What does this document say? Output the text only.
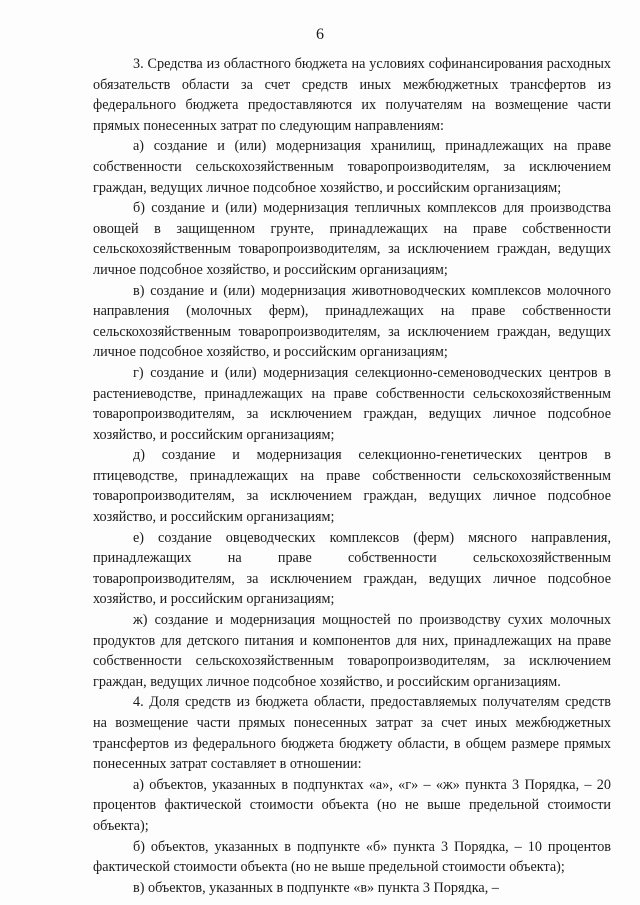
6

3. Средства из областного бюджета на условиях софинансирования расходных обязательств области за счет средств иных межбюджетных трансфертов из федерального бюджета предоставляются их получателям на возмещение части прямых понесенных затрат по следующим направлениям:

а) создание и (или) модернизация хранилищ, принадлежащих на праве собственности сельскохозяйственным товаропроизводителям, за исключением граждан, ведущих личное подсобное хозяйство, и российским организациям;

б) создание и (или) модернизация тепличных комплексов для производства овощей в защищенном грунте, принадлежащих на праве собственности сельскохозяйственным товаропроизводителям, за исключением граждан, ведущих личное подсобное хозяйство, и российским организациям;

в) создание и (или) модернизация животноводческих комплексов молочного направления (молочных ферм), принадлежащих на праве собственности сельскохозяйственным товаропроизводителям, за исключением граждан, ведущих личное подсобное хозяйство, и российским организациям;

г) создание и (или) модернизация селекционно-семеноводческих центров в растениеводстве, принадлежащих на праве собственности сельскохозяйственным товаропроизводителям, за исключением граждан, ведущих личное подсобное хозяйство, и российским организациям;

д) создание и модернизация селекционно-генетических центров в птицеводстве, принадлежащих на праве собственности сельскохозяйственным товаропроизводителям, за исключением граждан, ведущих личное подсобное хозяйство, и российским организациям;

е) создание овцеводческих комплексов (ферм) мясного направления, принадлежащих на праве собственности сельскохозяйственным товаропроизводителям, за исключением граждан, ведущих личное подсобное хозяйство, и российским организациям;

ж) создание и модернизация мощностей по производству сухих молочных продуктов для детского питания и компонентов для них, принадлежащих на праве собственности сельскохозяйственным товаропроизводителям, за исключением граждан, ведущих личное подсобное хозяйство, и российским организациям.

4. Доля средств из бюджета области, предоставляемых получателям средств на возмещение части прямых понесенных затрат за счет иных межбюджетных трансфертов из федерального бюджета бюджету области, в общем размере прямых понесенных затрат составляет в отношении:

а) объектов, указанных в подпунктах «а», «г» – «ж» пункта 3 Порядка, – 20 процентов фактической стоимости объекта (но не выше предельной стоимости объекта);

б) объектов, указанных в подпункте «б» пункта 3 Порядка, – 10 процентов фактической стоимости объекта (но не выше предельной стоимости объекта);

в) объектов, указанных в подпункте «в» пункта 3 Порядка, –
